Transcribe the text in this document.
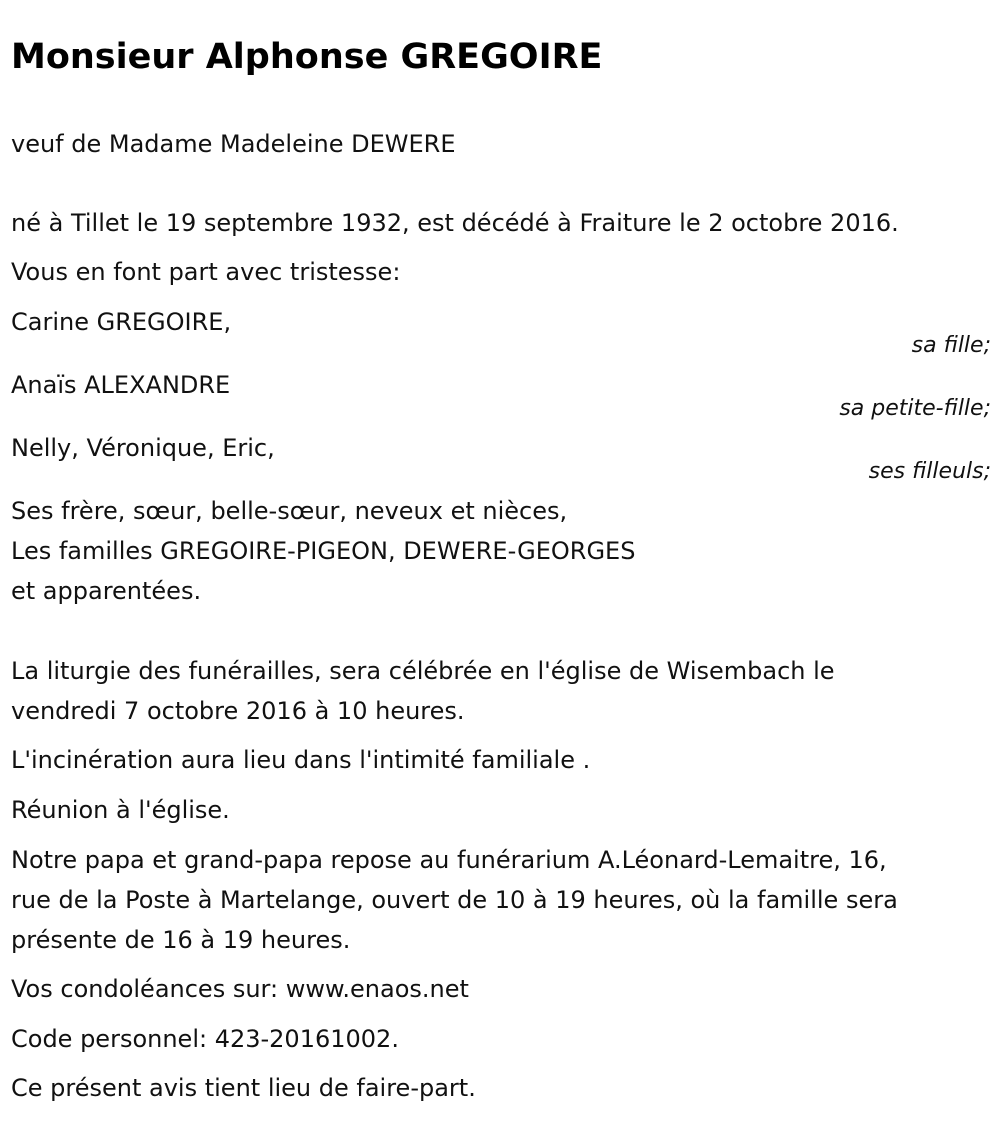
Monsieur Alphonse GREGOIRE
veuf de Madame Madeleine DEWERE
né à Tillet le 19 septembre 1932, est décédé à Fraiture le 2 octobre 2016.
Vous en font part avec tristesse:
Carine GREGOIRE,
sa fille;
Anaïs ALEXANDRE
sa petite-fille;
Nelly, Véronique, Eric,
ses filleuls;
Ses frère, sœur, belle-sœur, neveux et nièces,
Les familles GREGOIRE-PIGEON, DEWERE-GEORGES
et apparentées.
La liturgie des funérailles, sera célébrée en l'église de Wisembach le
vendredi 7 octobre 2016 à 10 heures.
L'incinération aura lieu dans l'intimité familiale .
Réunion à l'église.
Notre papa et grand-papa repose au funérarium A.Léonard-Lemaitre, 16,
rue de la Poste à Martelange, ouvert de 10 à 19 heures, où la famille sera
présente de 16 à 19 heures.
Vos condoléances sur: www.enaos.net
Code personnel: 423-20161002.
Ce présent avis tient lieu de faire-part.
